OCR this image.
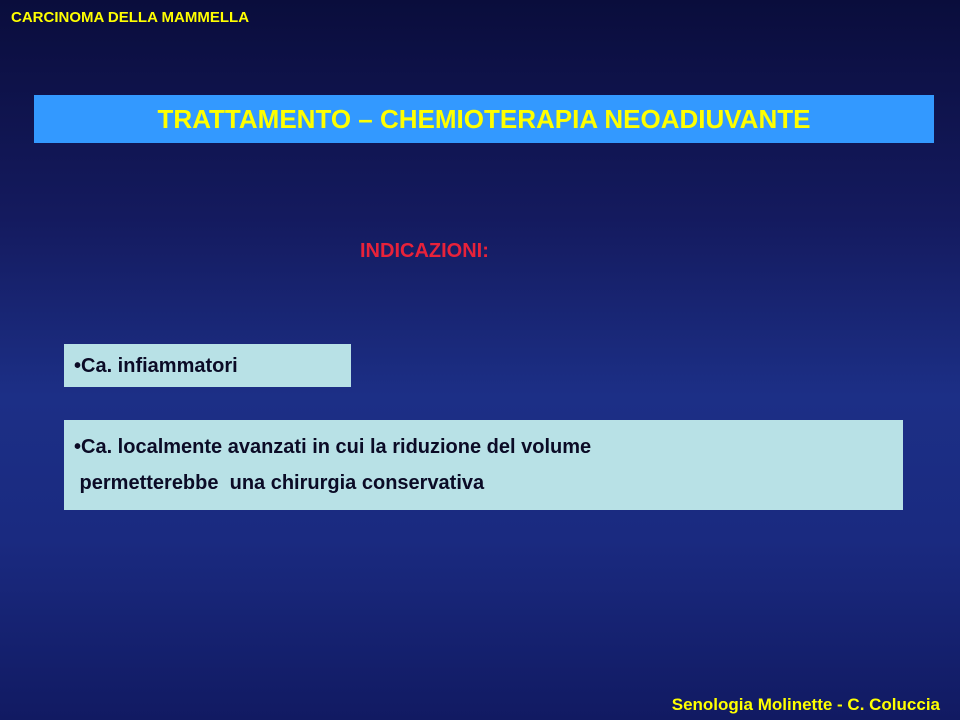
CARCINOMA DELLA MAMMELLA
TRATTAMENTO – CHEMIOTERAPIA NEOADIUVANTE
INDICAZIONI:
•Ca. infiammatori
•Ca. localmente avanzati in cui la riduzione del volume
permetterebbe  una chirurgia conservativa
Senologia Molinette - C. Coluccia
